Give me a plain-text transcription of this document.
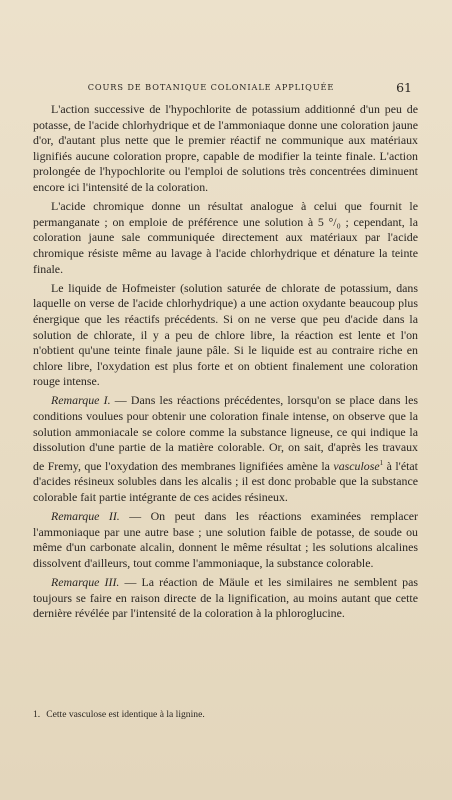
COURS DE BOTANIQUE COLONIALE APPLIQUÉE	61

L'action successive de l'hypochlorite de potassium additionné d'un peu de potasse, de l'acide chlorhydrique et de l'ammoniaque donne une coloration jaune d'or, d'autant plus nette que le premier réactif ne communique aux matériaux lignifiés aucune coloration propre, capable de modifier la teinte finale. L'action prolongée de l'hypochlorite ou l'emploi de solutions très concentrées diminuent encore ici l'intensité de la coloration.

L'acide chromique donne un résultat analogue à celui que fournit le permanganate ; on emploie de préférence une solution à 5 °/₀ ; cependant, la coloration jaune sale communiquée directement aux matériaux par l'acide chromique résiste même au lavage à l'acide chlorhydrique et dénature la teinte finale.

Le liquide de Hofmeister (solution saturée de chlorate de potassium, dans laquelle on verse de l'acide chlorhydrique) a une action oxydante beaucoup plus énergique que les réactifs précédents. Si on ne verse que peu d'acide dans la solution de chlorate, il y a peu de chlore libre, la réaction est lente et l'on n'obtient qu'une teinte finale jaune pâle. Si le liquide est au contraire riche en chlore libre, l'oxydation est plus forte et on obtient finalement une coloration rouge intense.

Remarque I. — Dans les réactions précédentes, lorsqu'on se place dans les conditions voulues pour obtenir une coloration finale intense, on observe que la solution ammoniacale se colore comme la substance ligneuse, ce qui indique la dissolution d'une partie de la matière colorable. Or, on sait, d'après les travaux de Fremy, que l'oxydation des membranes lignifiées amène la vasculose$^1$ à l'état d'acides résineux solubles dans les alcalis ; il est donc probable que la substance colorable fait partie intégrante de ces acides résineux.

Remarque II. — On peut dans les réactions examinées remplacer l'ammoniaque par une autre base ; une solution faible de potasse, de soude ou même d'un carbonate alcalin, donnent le même résultat ; les solutions alcalines dissolvent d'ailleurs, tout comme l'ammoniaque, la substance colorable.

Remarque III. — La réaction de Mäule et les similaires ne semblent pas toujours se faire en raison directe de la lignification, au moins autant que cette dernière révélée par l'intensité de la coloration à la phloroglucine.

1. Cette vasculose est identique à la lignine.
